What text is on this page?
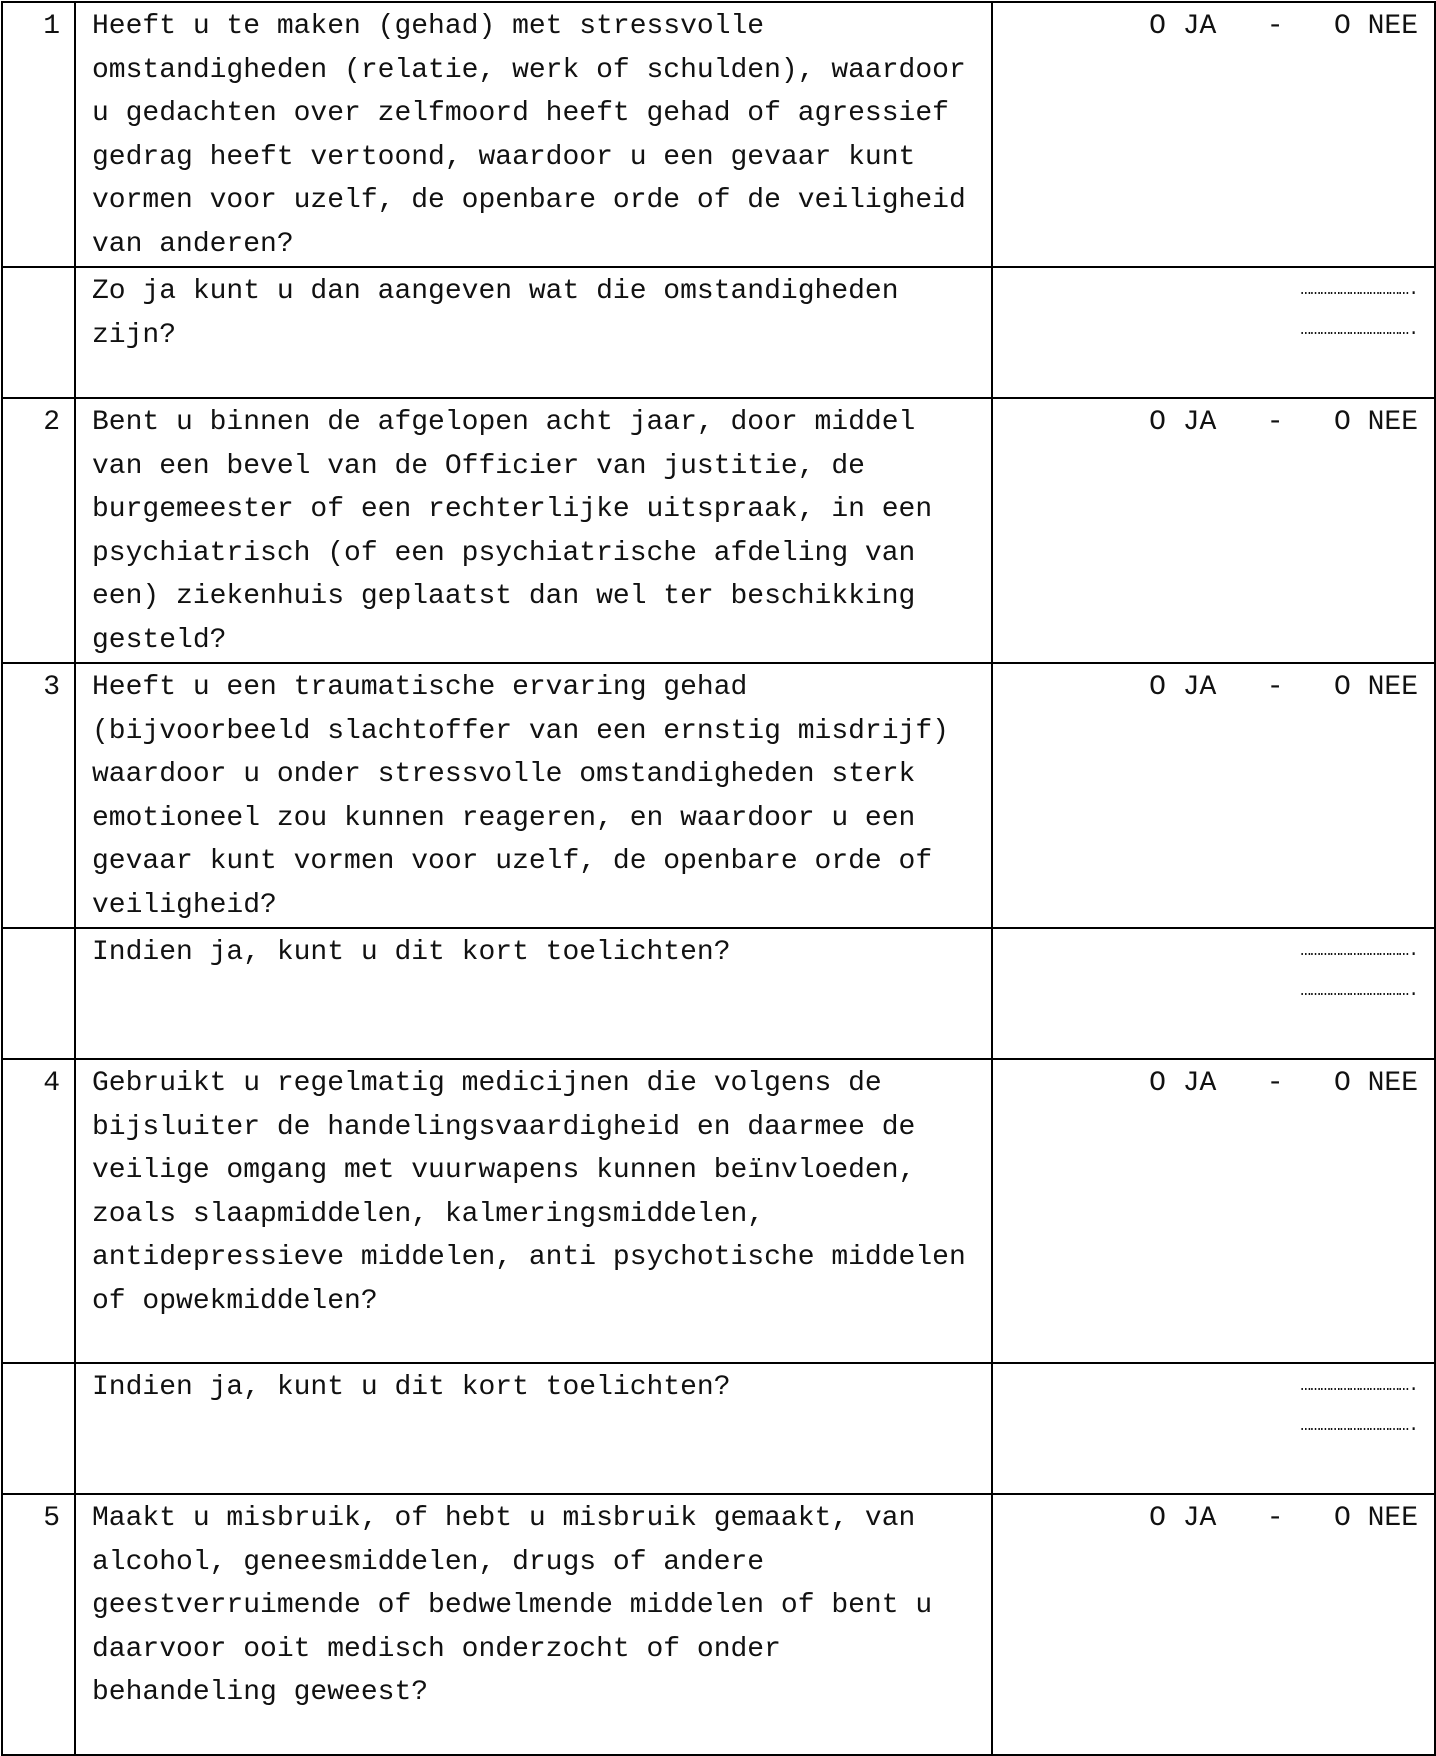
1	Heeft u te maken (gehad) met stressvolle omstandigheden (relatie, werk of schulden), waardoor u gedachten over zelfmoord heeft gehad of agressief gedrag heeft vertoond, waardoor u een gevaar kunt vormen voor uzelf, de openbare orde of de veiligheid van anderen?	O JA - O NEE
	Zo ja kunt u dan aangeven wat die omstandigheden zijn?	…………………………….
…………………………….

2	Bent u binnen de afgelopen acht jaar, door middel van een bevel van de Officier van justitie, de burgemeester of een rechterlijke uitspraak, in een psychiatrisch (of een psychiatrische afdeling van een) ziekenhuis geplaatst dan wel ter beschikking gesteld?	O JA - O NEE
3	Heeft u een traumatische ervaring gehad (bijvoorbeeld slachtoffer van een ernstig misdrijf) waardoor u onder stressvolle omstandigheden sterk emotioneel zou kunnen reageren, en waardoor u een gevaar kunt vormen voor uzelf, de openbare orde of veiligheid?	O JA - O NEE
	Indien ja, kunt u dit kort toelichten?	…………………………….
…………………………….

4	Gebruikt u regelmatig medicijnen die volgens de bijsluiter de handelingsvaardigheid en daarmee de veilige omgang met vuurwapens kunnen beïnvloeden, zoals slaapmiddelen, kalmeringsmiddelen, antidepressieve middelen, anti psychotische middelen of opwekmiddelen?	O JA - O NEE
	Indien ja, kunt u dit kort toelichten?	…………………………….
…………………………….

5	Maakt u misbruik, of hebt u misbruik gemaakt, van alcohol, geneesmiddelen, drugs of andere geestverruimende of bedwelmende middelen of bent u daarvoor ooit medisch onderzocht of onder behandeling geweest?	O JA - O NEE
